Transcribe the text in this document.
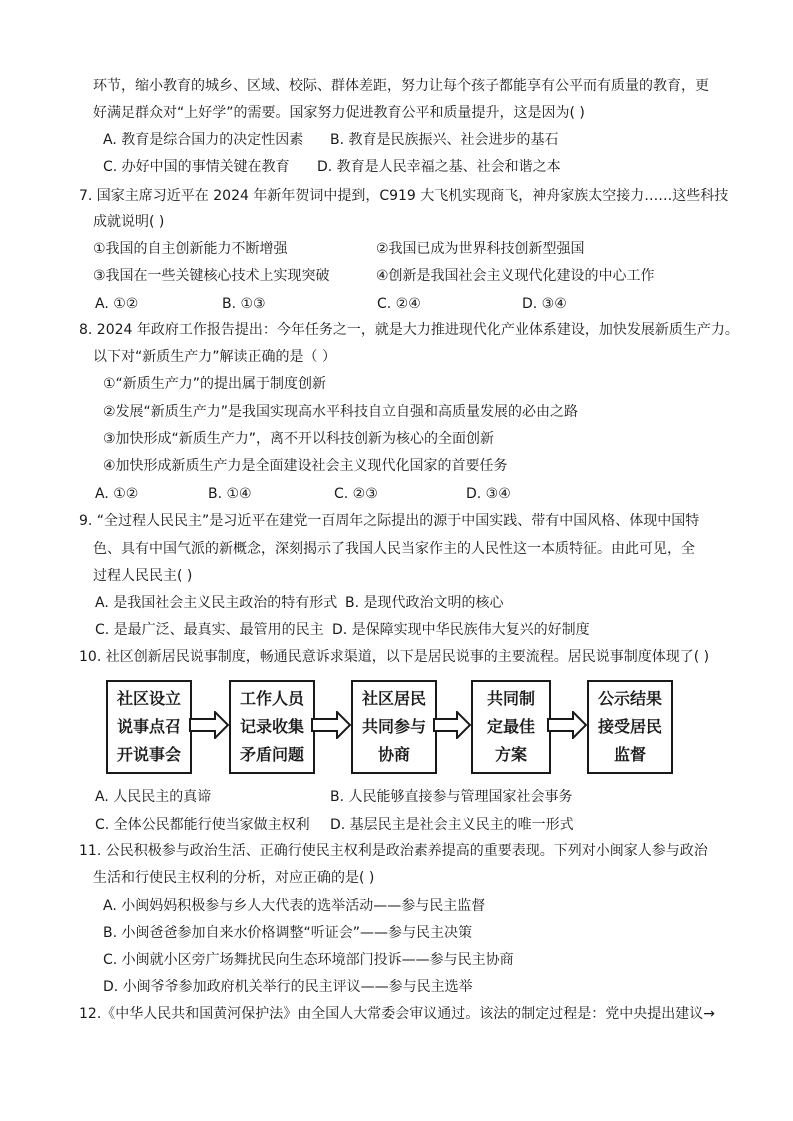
环节，缩小教育的城乡、区域、校际、群体差距，努力让每个孩子都能享有公平而有质量的教育，更
好满足群众对“上好学”的需要。国家努力促进教育公平和质量提升，这是因为( )
A. 教育是综合国力的决定性因素 B. 教育是民族振兴、社会进步的基石
C. 办好中国的事情关键在教育 D. 教育是人民幸福之基、社会和谐之本
7. 国家主席习近平在 2024 年新年贺词中提到，C919 大飞机实现商飞，神舟家族太空接力……这些科技
成就说明( )
①我国的自主创新能力不断增强	②我国已成为世界科技创新型强国
③我国在一些关键核心技术上实现突破	④创新是我国社会主义现代化建设的中心工作
A. ①②	B. ①③	C. ②④	D. ③④
8. 2024 年政府工作报告提出：今年任务之一，就是大力推进现代化产业体系建设，加快发展新质生产力。
以下对“新质生产力”解读正确的是（ ）
①“新质生产力”的提出属于制度创新
②发展“新质生产力”是我国实现高水平科技自立自强和高质量发展的必由之路
③加快形成“新质生产力”，离不开以科技创新为核心的全面创新
④加快形成新质生产力是全面建设社会主义现代化国家的首要任务
A. ①②	B. ①④	C. ②③	D. ③④
9. “全过程人民民主”是习近平在建党一百周年之际提出的源于中国实践、带有中国风格、体现中国特
色、具有中国气派的新概念，深刻揭示了我国人民当家作主的人民性这一本质特征。由此可见，全
过程人民民主( )
A. 是我国社会主义民主政治的特有形式 B. 是现代政治文明的核心
C. 是最广泛、最真实、最管用的民主 D. 是保障实现中华民族伟大复兴的好制度
10. 社区创新居民说事制度，畅通民意诉求渠道，以下是居民说事的主要流程。居民说事制度体现了( )
社区设立
说事点召
开说事会
工作人员
记录收集
矛盾问题
社区居民
共同参与
协商
共同制
定最佳
方案
公示结果
接受居民
监督
A. 人民民主的真谛	B. 人民能够直接参与管理国家社会事务
C. 全体公民都能行使当家做主权利 D. 基层民主是社会主义民主的唯一形式
11. 公民积极参与政治生活、正确行使民主权利是政治素养提高的重要表现。下列对小闽家人参与政治
生活和行使民主权利的分析，对应正确的是( )
A. 小闽妈妈积极参与乡人大代表的选举活动——参与民主监督
B. 小闽爸爸参加自来水价格调整“听证会”——参与民主决策
C. 小闽就小区旁广场舞扰民向生态环境部门投诉——参与民主协商
D. 小闽爷爷参加政府机关举行的民主评议——参与民主选举
12.《中华人民共和国黄河保护法》由全国人大常委会审议通过。该法的制定过程是：党中央提出建议→
